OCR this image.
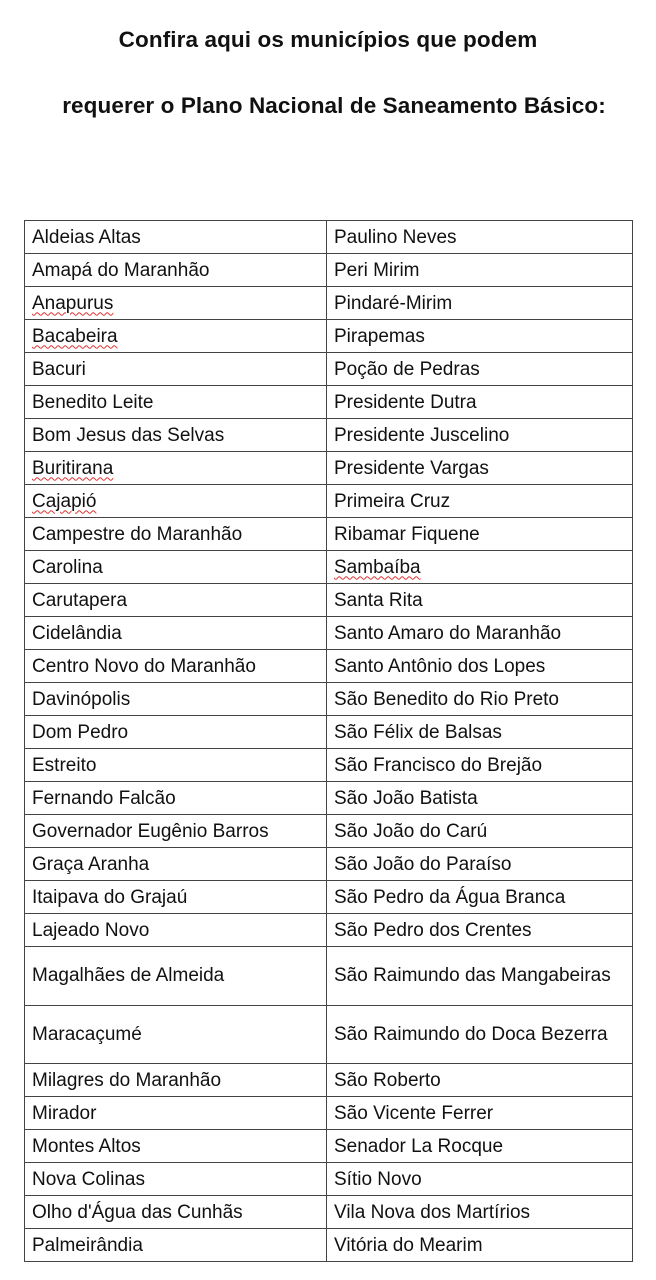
Confira aqui os municípios que podem
requerer o Plano Nacional de Saneamento Básico:
Aldeias Altas	Paulino Neves
Amapá do Maranhão	Peri Mirim
Anapurus	Pindaré-Mirim
Bacabeira	Pirapemas
Bacuri	Poção de Pedras
Benedito Leite	Presidente Dutra
Bom Jesus das Selvas	Presidente Juscelino
Buritirana	Presidente Vargas
Cajapió	Primeira Cruz
Campestre do Maranhão	Ribamar Fiquene
Carolina	Sambaíba
Carutapera	Santa Rita
Cidelândia	Santo Amaro do Maranhão
Centro Novo do Maranhão	Santo Antônio dos Lopes
Davinópolis	São Benedito do Rio Preto
Dom Pedro	São Félix de Balsas
Estreito	São Francisco do Brejão
Fernando Falcão	São João Batista
Governador Eugênio Barros	São João do Carú
Graça Aranha	São João do Paraíso
Itaipava do Grajaú	São Pedro da Água Branca
Lajeado Novo	São Pedro dos Crentes
Magalhães de Almeida	São Raimundo das Mangabeiras
Maracaçumé	São Raimundo do Doca Bezerra
Milagres do Maranhão	São Roberto
Mirador	São Vicente Ferrer
Montes Altos	Senador La Rocque
Nova Colinas	Sítio Novo
Olho d'Água das Cunhãs	Vila Nova dos Martírios
Palmeirândia	Vitória do Mearim
